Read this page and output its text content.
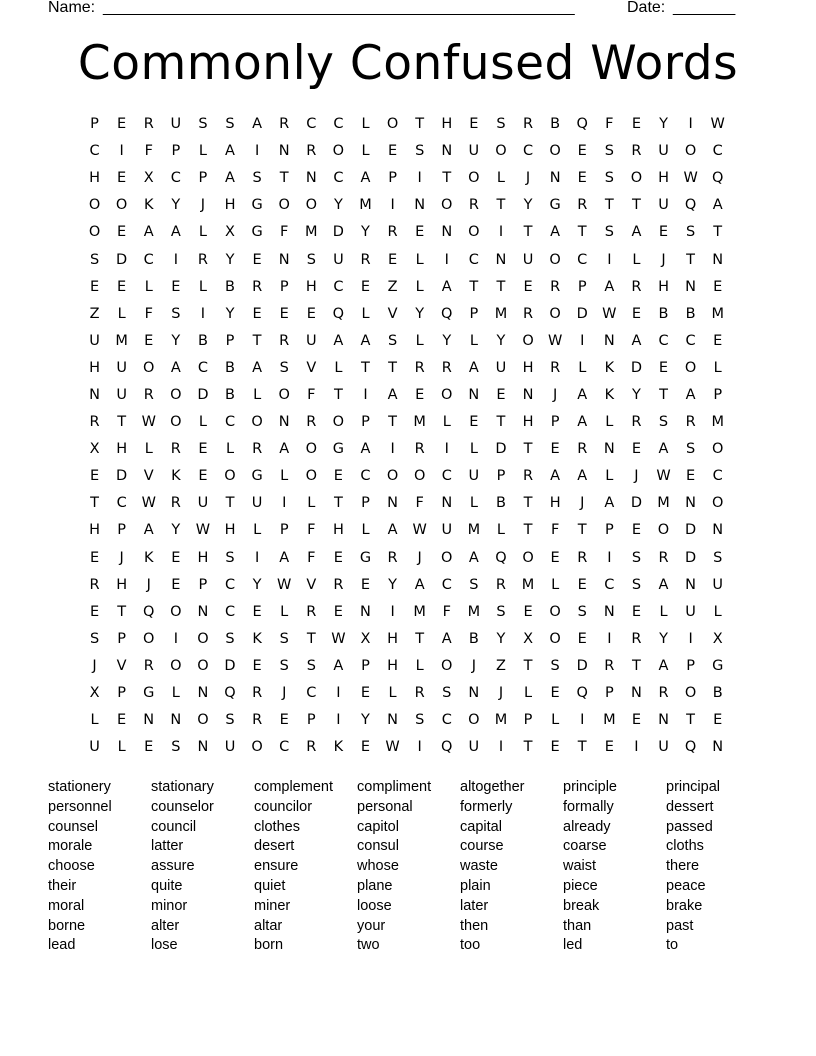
Name: _____________________________________________________	Date: _______
Commonly Confused Words
P	E	R	U	S	S	A	R	C	C	L	O	T	H	E	S	R	B	Q	F	E	Y	I	W
C	I	F	P	L	A	I	N	R	O	L	E	S	N	U	O	C	O	E	S	R	U	O	C
H	E	X	C	P	A	S	T	N	C	A	P	I	T	O	L	J	N	E	S	O	H W Q
O	O	K	Y	J	H	G	O	O	Y	M	I	N	O	R	T	Y	G	R	T	T	U	Q	A
O	E	A	A	L	X	G	F	M	D	Y	R	E	N	O	I	T	A	T	S	A	E	S	T
S	D	C	I	R	Y	E	N	S	U	R	E	L	I	C	N	U	O	C	I	L	J	T	N
E	E	L	E	L	B	R	P	H	C	E	Z	L	A	T	T	E	R	P	A	R	H	N	E
Z	L	F	S	I	Y	E	E	E	Q	L	V	Y	Q	P	M	R	O	D W	E	B	B	M
U	M	E	Y	B	P	T	R	U	A	A	S	L	Y	L	Y	O W	I	N	A	C	C	E
H	U	O	A	C	B	A	S	V	L	T	T	R	R	A	U	H	R	L	K	D	E	O	L
N	U	R	O	D	B	L	O	F	T	I	A	E	O	N	E	N	J	A	K	Y	T	A	P
R	T	W O	L	C	O	N	R	O	P	T	M	L	E	T	H	P	A	L	R	S	R	M
X	H	L	R	E	L	R	A	O	G	A	I	R	I	L	D	T	E	R	N	E	A	S	O
E	D	V	K	E	O	G	L	O	E	C	O	O	C	U	P	R	A	A	L	J	W	E	C
T	C	W	R	U	T	U	I	L	T	P	N	F	N	L	B	T	H	J	A	D	M	N	O
H	P	A	Y	W H	L	P	F	H	L	A	W	U	M	L	T	F	T	P	E	O	D	N
E	J	K	E	H	S	I	A	F	E	G	R	J	O	A	Q	O	E	R	I	S	R	D	S
R	H	J	E	P	C	Y	W	V	R	E	Y	A	C	S	R	M	L	E	C	S	A	N	U
E	T	Q	O	N	C	E	L	R	E	N	I	M	F	M	S	E	O	S	N	E	L	U	L
S	P	O	I	O	S	K	S	T	W	X	H	T	A	B	Y	X	O	E	I	R	Y	I	X
J	V	R	O	O	D	E	S	S	A	P	H	L	O	J	Z	T	S	D	R	T	A	P	G
X	P	G	L	N	Q	R	J	C	I	E	L	R	S	N	J	L	E	Q	P	N	R	O	B
L	E	N	N	O	S	R	E	P	I	Y	N	S	C	O	M	P	L	I	M	E	N	T	E
U	L	E	S	N	U	O	C	R	K	E	W	I	Q	U	I	T	E	T	E	I	U	Q	N
stationery	stationary	complement	compliment	altogether	principle	principal
personnel	counselor	councilor	personal	formerly	formally	dessert
counsel	council	clothes	capitol	capital	already	passed
morale	latter	desert	consul	course	coarse	cloths
choose	assure	ensure	whose	waste	waist	there
their	quite	quiet	plane	plain	piece	peace
moral	minor	miner	loose	later	break	brake
borne	alter	altar	your	then	than	past
lead	lose	born	two	too	led	to
